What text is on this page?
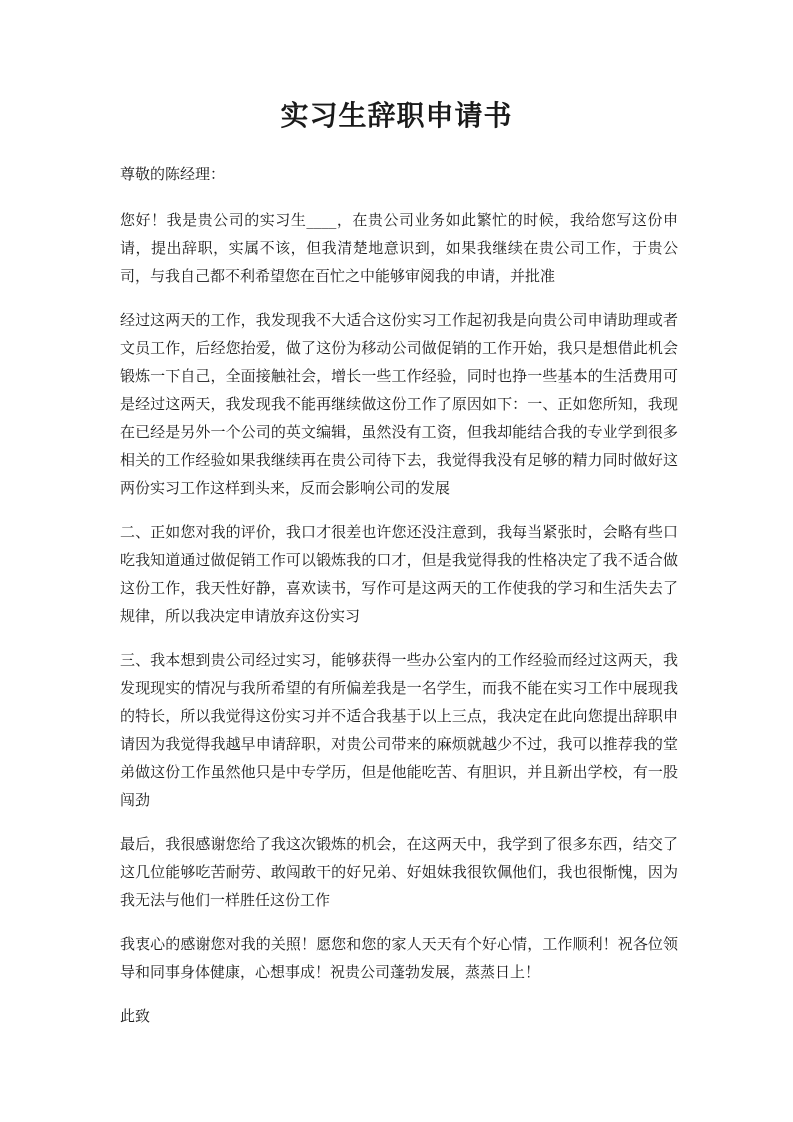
实习生辞职申请书
尊敬的陈经理：

您好！我是贵公司的实习生____，在贵公司业务如此繁忙的时候，我给您写这份申请，提出辞职，实属不该，但我清楚地意识到，如果我继续在贵公司工作，于贵公司，与我自己都不利希望您在百忙之中能够审阅我的申请，并批准

经过这两天的工作，我发现我不大适合这份实习工作起初我是向贵公司申请助理或者文员工作，后经您抬爱，做了这份为移动公司做促销的工作开始，我只是想借此机会锻炼一下自己，全面接触社会，增长一些工作经验，同时也挣一些基本的生活费用可是经过这两天，我发现我不能再继续做这份工作了原因如下：一、正如您所知，我现在已经是另外一个公司的英文编辑，虽然没有工资，但我却能结合我的专业学到很多相关的工作经验如果我继续再在贵公司待下去，我觉得我没有足够的精力同时做好这两份实习工作这样到头来，反而会影响公司的发展

二、正如您对我的评价，我口才很差也许您还没注意到，我每当紧张时，会略有些口吃我知道通过做促销工作可以锻炼我的口才，但是我觉得我的性格决定了我不适合做这份工作，我天性好静，喜欢读书，写作可是这两天的工作使我的学习和生活失去了规律，所以我决定申请放弃这份实习

三、我本想到贵公司经过实习，能够获得一些办公室内的工作经验而经过这两天，我发现现实的情况与我所希望的有所偏差我是一名学生，而我不能在实习工作中展现我的特长，所以我觉得这份实习并不适合我基于以上三点，我决定在此向您提出辞职申请因为我觉得我越早申请辞职，对贵公司带来的麻烦就越少不过，我可以推荐我的堂弟做这份工作虽然他只是中专学历，但是他能吃苦、有胆识，并且新出学校，有一股闯劲

最后，我很感谢您给了我这次锻炼的机会，在这两天中，我学到了很多东西，结交了这几位能够吃苦耐劳、敢闯敢干的好兄弟、好姐妹我很钦佩他们，我也很惭愧，因为我无法与他们一样胜任这份工作

我衷心的感谢您对我的关照！愿您和您的家人天天有个好心情，工作顺利！祝各位领导和同事身体健康，心想事成！祝贵公司蓬勃发展，蒸蒸日上！

此致
